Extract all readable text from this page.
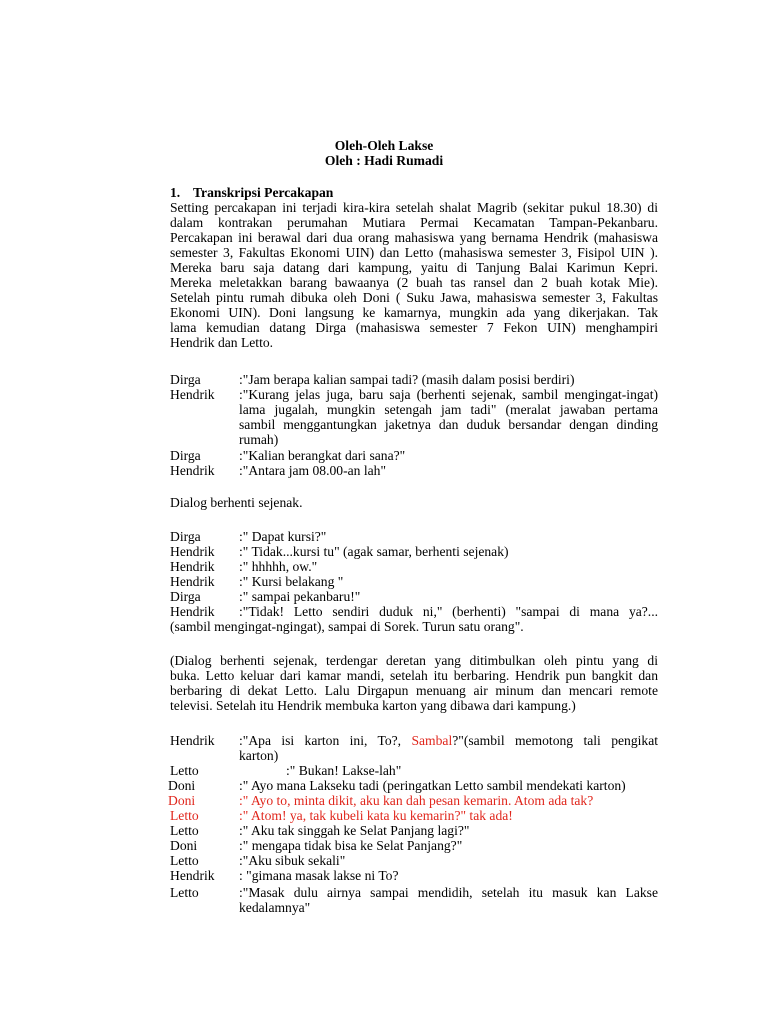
Oleh-Oleh Lakse
Oleh : Hadi Rumadi
1. Transkripsi Percakapan
Setting percakapan ini terjadi kira-kira setelah shalat Magrib (sekitar pukul 18.30) di
dalam kontrakan perumahan Mutiara Permai Kecamatan Tampan-Pekanbaru.
Percakapan ini berawal dari dua orang mahasiswa yang bernama Hendrik (mahasiswa
semester 3, Fakultas Ekonomi UIN) dan Letto (mahasiswa semester 3, Fisipol UIN ).
Mereka baru saja datang dari kampung, yaitu di Tanjung Balai Karimun Kepri.
Mereka meletakkan barang bawaanya (2 buah tas ransel dan 2 buah kotak Mie).
Setelah pintu rumah dibuka oleh Doni ( Suku Jawa, mahasiswa semester 3, Fakultas
Ekonomi UIN). Doni langsung ke kamarnya, mungkin ada yang dikerjakan. Tak
lama kemudian datang Dirga (mahasiswa semester 7 Fekon UIN) menghampiri
Hendrik dan Letto.
Dirga	:"Jam berapa kalian sampai tadi? (masih dalam posisi berdiri)
Hendrik :"Kurang jelas juga, baru saja (berhenti sejenak, sambil mengingat-ingat)
lama jugalah, mungkin setengah jam tadi" (meralat jawaban pertama
sambil menggantungkan jaketnya dan duduk bersandar dengan dinding
rumah)
Dirga	:"Kalian berangkat dari sana?"
Hendrik :"Antara jam 08.00-an lah"
Dialog berhenti sejenak.
Dirga	:" Dapat kursi?"
Hendrik :" Tidak...kursi tu" (agak samar, berhenti sejenak)
Hendrik :" hhhhh, ow."
Hendrik :" Kursi belakang "
Dirga	:" sampai pekanbaru!"
Hendrik :"Tidak! Letto sendiri duduk ni," (berhenti) "sampai di mana ya?...
(sambil mengingat-ngingat), sampai di Sorek. Turun satu orang".
(Dialog berhenti sejenak, terdengar deretan yang ditimbulkan oleh pintu yang di
buka. Letto keluar dari kamar mandi, setelah itu berbaring. Hendrik pun bangkit dan
berbaring di dekat Letto. Lalu Dirgapun menuang air minum dan mencari remote
televisi. Setelah itu Hendrik membuka karton yang dibawa dari kampung.)
Hendrik :"Apa isi karton ini, To?, Sambal?"(sambil memotong tali pengikat
karton)
Letto	:" Bukan! Lakse-lah"
Doni	:" Ayo mana Lakseku tadi (peringatkan Letto sambil mendekati karton)
Doni	:" Ayo to, minta dikit, aku kan dah pesan kemarin. Atom ada tak?
Letto	:" Atom! ya, tak kubeli kata ku kemarin?" tak ada!
Letto	:" Aku tak singgah ke Selat Panjang lagi?"
Doni	:" mengapa tidak bisa ke Selat Panjang?"
Letto	:"Aku sibuk sekali"
Hendrik : "gimana masak lakse ni To?
Letto	:"Masak dulu airnya sampai mendidih, setelah itu masuk kan Lakse
kedalamnya"
